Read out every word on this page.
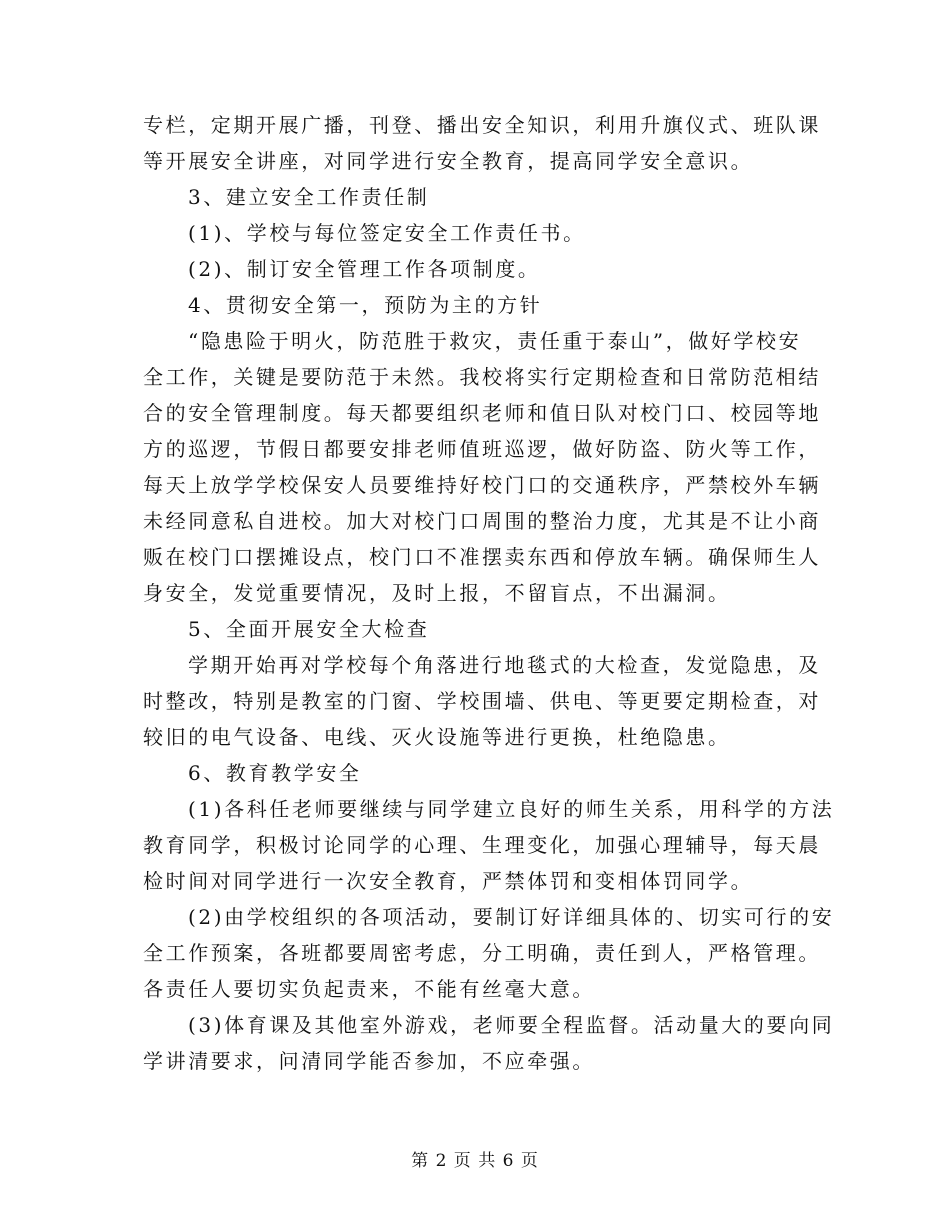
专栏，定期开展广播，刊登、播出安全知识，利用升旗仪式、班队课
等开展安全讲座，对同学进行安全教育，提高同学安全意识。
3、建立安全工作责任制
(1)、学校与每位签定安全工作责任书。
(2)、制订安全管理工作各项制度。
4、贯彻安全第一，预防为主的方针
“隐患险于明火，防范胜于救灾，责任重于泰山”，做好学校安
全工作，关键是要防范于未然。我校将实行定期检查和日常防范相结
合的安全管理制度。每天都要组织老师和值日队对校门口、校园等地
方的巡逻，节假日都要安排老师值班巡逻，做好防盗、防火等工作，
每天上放学学校保安人员要维持好校门口的交通秩序，严禁校外车辆
未经同意私自进校。加大对校门口周围的整治力度，尤其是不让小商
贩在校门口摆摊设点，校门口不准摆卖东西和停放车辆。确保师生人
身安全，发觉重要情况，及时上报，不留盲点，不出漏洞。
5、全面开展安全大检查
学期开始再对学校每个角落进行地毯式的大检查，发觉隐患，及
时整改，特别是教室的门窗、学校围墙、供电、等更要定期检查，对
较旧的电气设备、电线、灭火设施等进行更换，杜绝隐患。
6、教育教学安全
(1)各科任老师要继续与同学建立良好的师生关系，用科学的方法
教育同学，积极讨论同学的心理、生理变化，加强心理辅导，每天晨
检时间对同学进行一次安全教育，严禁体罚和变相体罚同学。
(2)由学校组织的各项活动，要制订好详细具体的、切实可行的安
全工作预案，各班都要周密考虑，分工明确，责任到人，严格管理。
各责任人要切实负起责来，不能有丝毫大意。
(3)体育课及其他室外游戏，老师要全程监督。活动量大的要向同
学讲清要求，问清同学能否参加，不应牵强。
第 2 页 共 6 页
